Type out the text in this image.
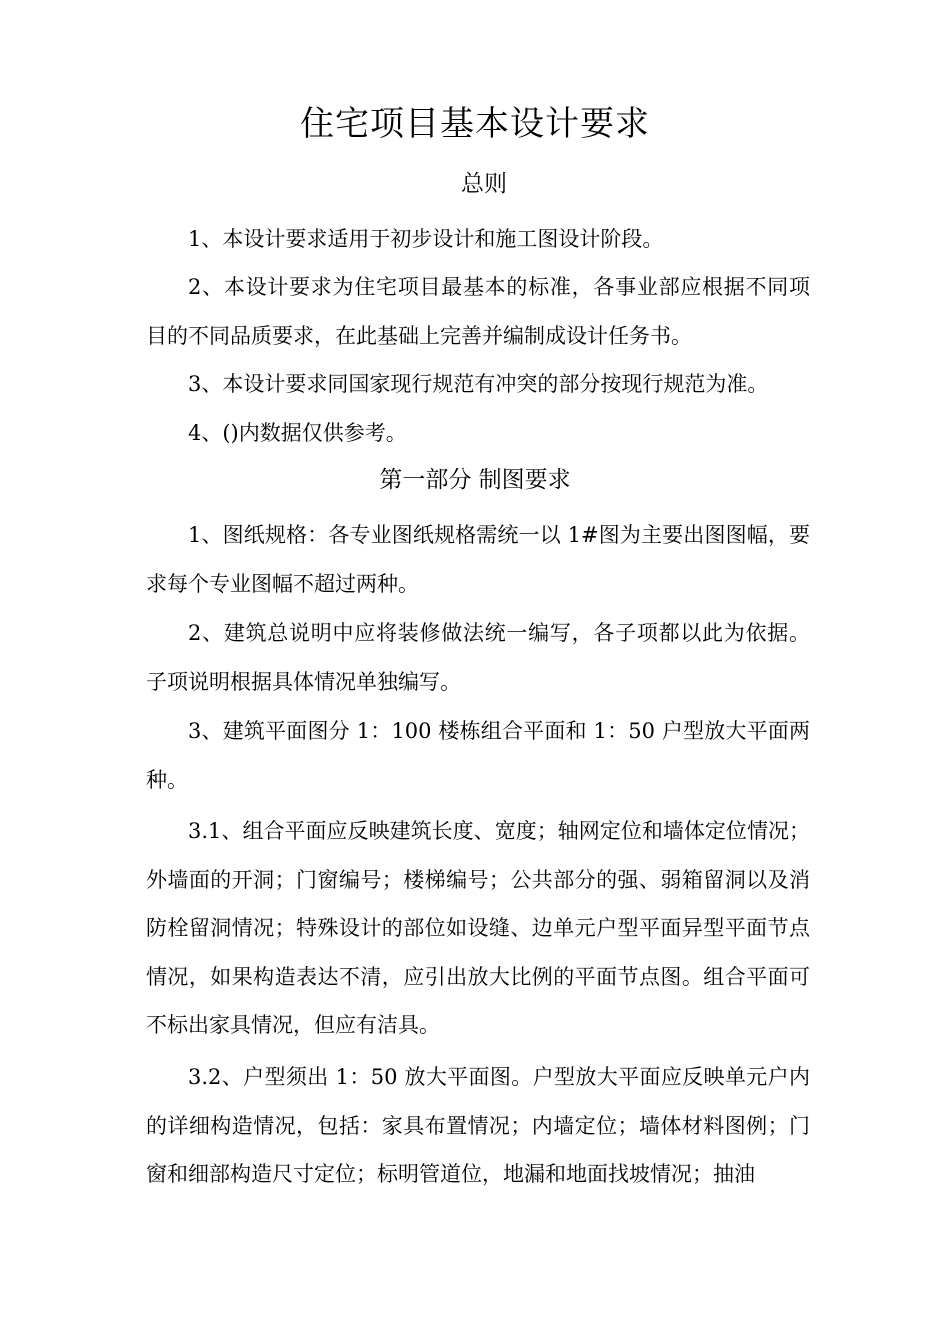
住宅项目基本设计要求
总则

1、本设计要求适用于初步设计和施工图设计阶段。

2、本设计要求为住宅项目最基本的标准，各事业部应根据不同项目的不同品质要求，在此基础上完善并编制成设计任务书。

3、本设计要求同国家现行规范有冲突的部分按现行规范为准。

4、()内数据仅供参考。

第一部分 制图要求

1、图纸规格：各专业图纸规格需统一以 1#图为主要出图图幅，要求每个专业图幅不超过两种。

2、建筑总说明中应将装修做法统一编写，各子项都以此为依据。子项说明根据具体情况单独编写。

3、建筑平面图分 1：100 楼栋组合平面和 1：50 户型放大平面两种。

3.1、组合平面应反映建筑长度、宽度；轴网定位和墙体定位情况；外墙面的开洞；门窗编号；楼梯编号；公共部分的强、弱箱留洞以及消防栓留洞情况；特殊设计的部位如设缝、边单元户型平面异型平面节点情况，如果构造表达不清，应引出放大比例的平面节点图。组合平面可不标出家具情况，但应有洁具。

3.2、户型须出 1：50 放大平面图。户型放大平面应反映单元户内的详细构造情况，包括：家具布置情况；内墙定位；墙体材料图例；门窗和细部构造尺寸定位；标明管道位，地漏和地面找坡情况；抽油
